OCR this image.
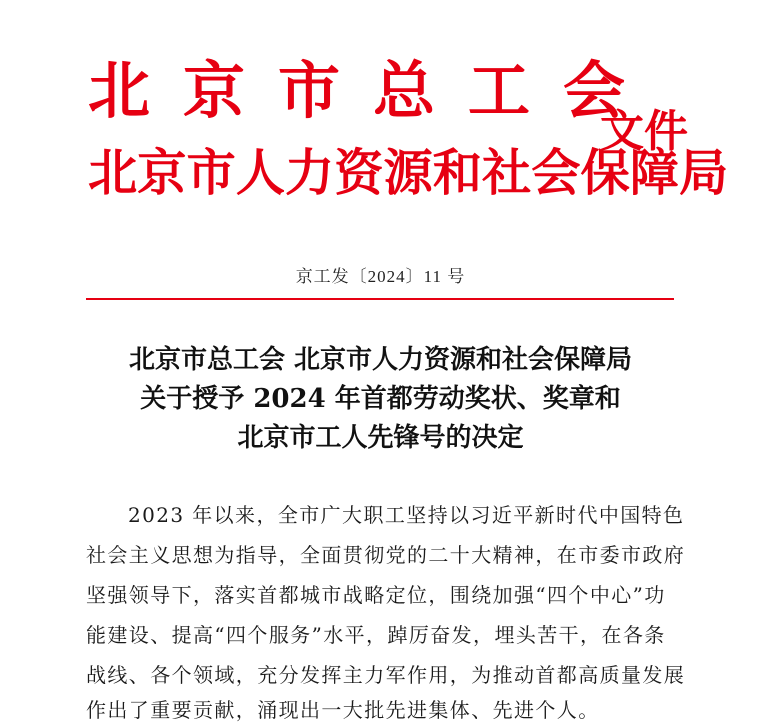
北京市总工会
北京市人力资源和社会保障局
文件
京工发〔2024〕11 号
北京市总工会 北京市人力资源和社会保障局
关于授予 2024 年首都劳动奖状、奖章和
北京市工人先锋号的决定
2023 年以来，全市广大职工坚持以习近平新时代中国特色
社会主义思想为指导，全面贯彻党的二十大精神，在市委市政府
坚强领导下，落实首都城市战略定位，围绕加强“四个中心”功
能建设、提高“四个服务”水平，踔厉奋发，埋头苦干，在各条
战线、各个领域，充分发挥主力军作用，为推动首都高质量发展
作出了重要贡献，涌现出一大批先进集体、先进个人。
